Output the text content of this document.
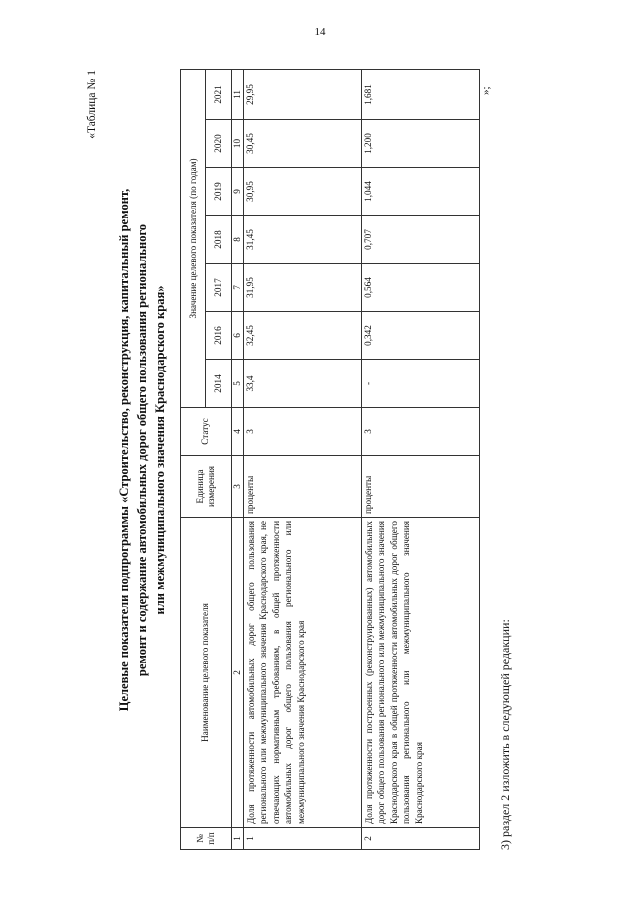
14
«Таблица № 1
Целевые показатели подпрограммы «Строительство, реконструкция, капитальный ремонт, ремонт и содержание автомобильных дорог общего пользования регионального или межмуниципального значения Краснодарского края»
№ п/п	Наименование целевого показателя	Единица измерения	Статус	Значение целевого показателя (по годам)						
				2014	2016	2017	2018	2019	2020	2021
1	2	3	4	5	6	7	8	9	10	11
1	Доля протяженности автомобильных дорог общего пользования регионального или межмуниципального значения Краснодарского края, не отвечающих нормативным требованиям, в общей протяженности автомобильных дорог общего пользования регионального или межмуниципального значения Краснодарского края	проценты	3	33,4	32,45	31,95	31,45	30,95	30,45	29,95
2	Доля протяженности построенных (реконструированных) автомобильных дорог общего пользования регионального или межмуниципального значения Краснодарского края в общей протяженности автомобильных дорог общего пользования регионального или межмуниципального значения Краснодарского края	проценты	3	-	0,342	0,564	0,707	1,044	1,200	1,681	»;
3) раздел 2 изложить в следующей редакции:
